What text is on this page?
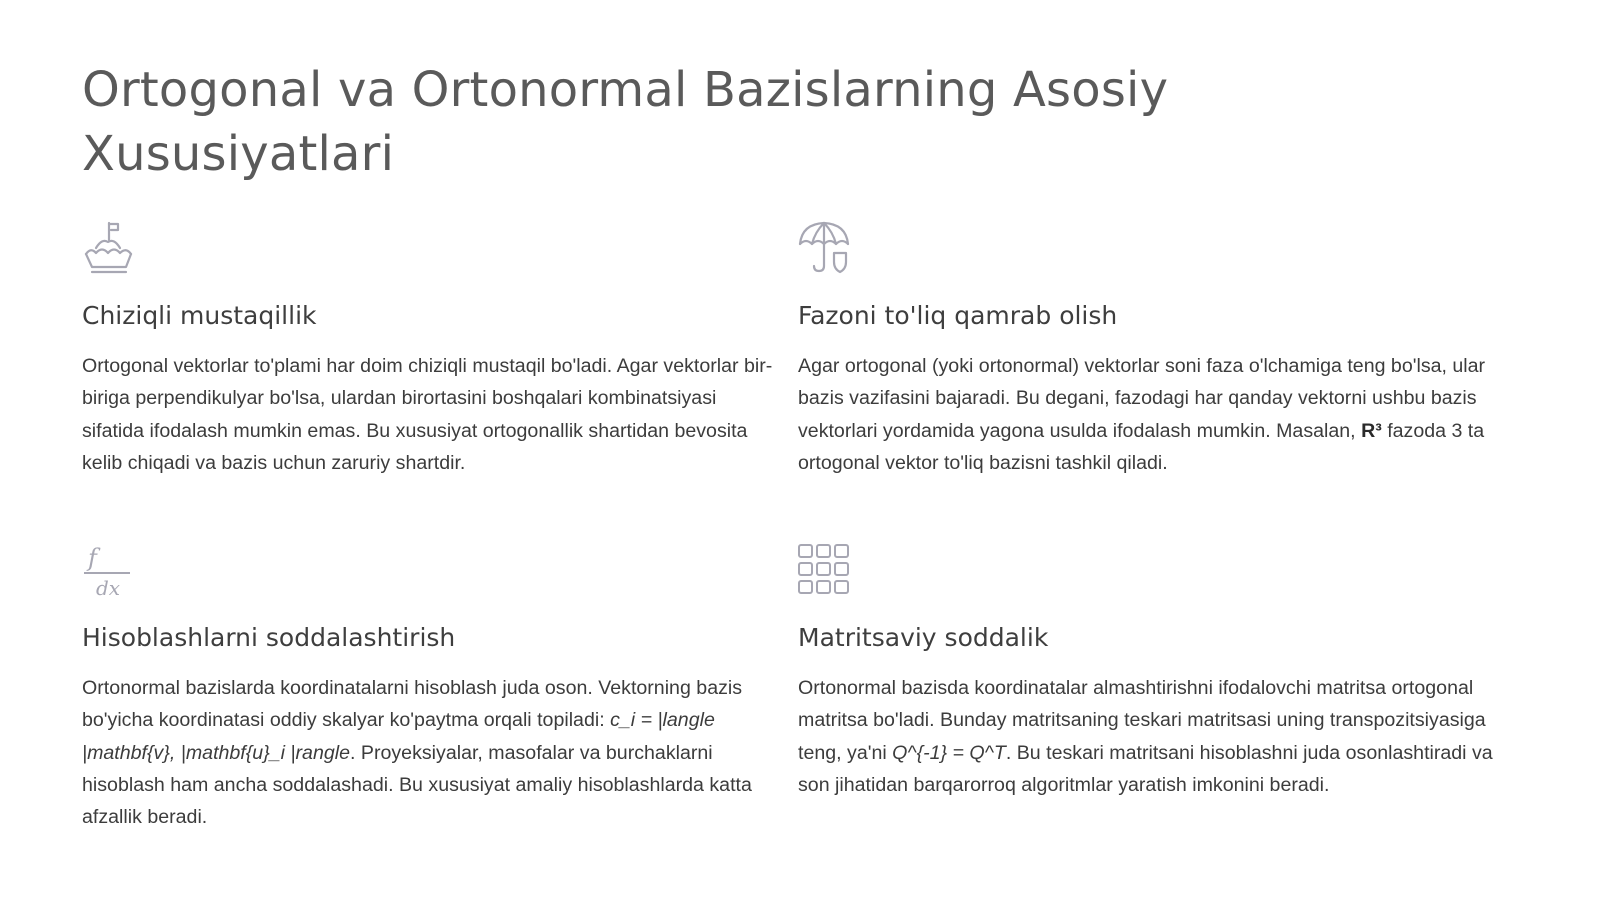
Ortogonal va Ortonormal Bazislarning Asosiy Xususiyatlari
Chiziqli mustaqillik

Ortogonal vektorlar to'plami har doim chiziqli mustaqil bo'ladi. Agar vektorlar bir-biriga perpendikulyar bo'lsa, ulardan birortasini boshqalari kombinatsiyasi sifatida ifodalash mumkin emas. Bu xususiyat ortogonallik shartidan bevosita kelib chiqadi va bazis uchun zaruriy shartdir.

Fazoni to'liq qamrab olish

Agar ortogonal (yoki ortonormal) vektorlar soni faza o'lchamiga teng bo'lsa, ular bazis vazifasini bajaradi. Bu degani, fazodagi har qanday vektorni ushbu bazis vektorlari yordamida yagona usulda ifodalash mumkin. Masalan, R³ fazoda 3 ta ortogonal vektor to'liq bazisni tashkil qiladi.

f
dx
Hisoblashlarni soddalashtirish

Ortonormal bazislarda koordinatalarni hisoblash juda oson. Vektorning bazis bo'yicha koordinatasi oddiy skalyar ko'paytma orqali topiladi: c_i = |langle |mathbf{v}, |mathbf{u}_i |rangle. Proyeksiyalar, masofalar va burchaklarni hisoblash ham ancha soddalashadi. Bu xususiyat amaliy hisoblashlarda katta afzallik beradi.

Matritsaviy soddalik

Ortonormal bazisda koordinatalar almashtirishni ifodalovchi matritsa ortogonal matritsa bo'ladi. Bunday matritsaning teskari matritsasi uning transpozitsiyasiga teng, ya'ni Q^{-1} = Q^T. Bu teskari matritsani hisoblashni juda osonlashtiradi va son jihatidan barqarorroq algoritmlar yaratish imkonini beradi.
